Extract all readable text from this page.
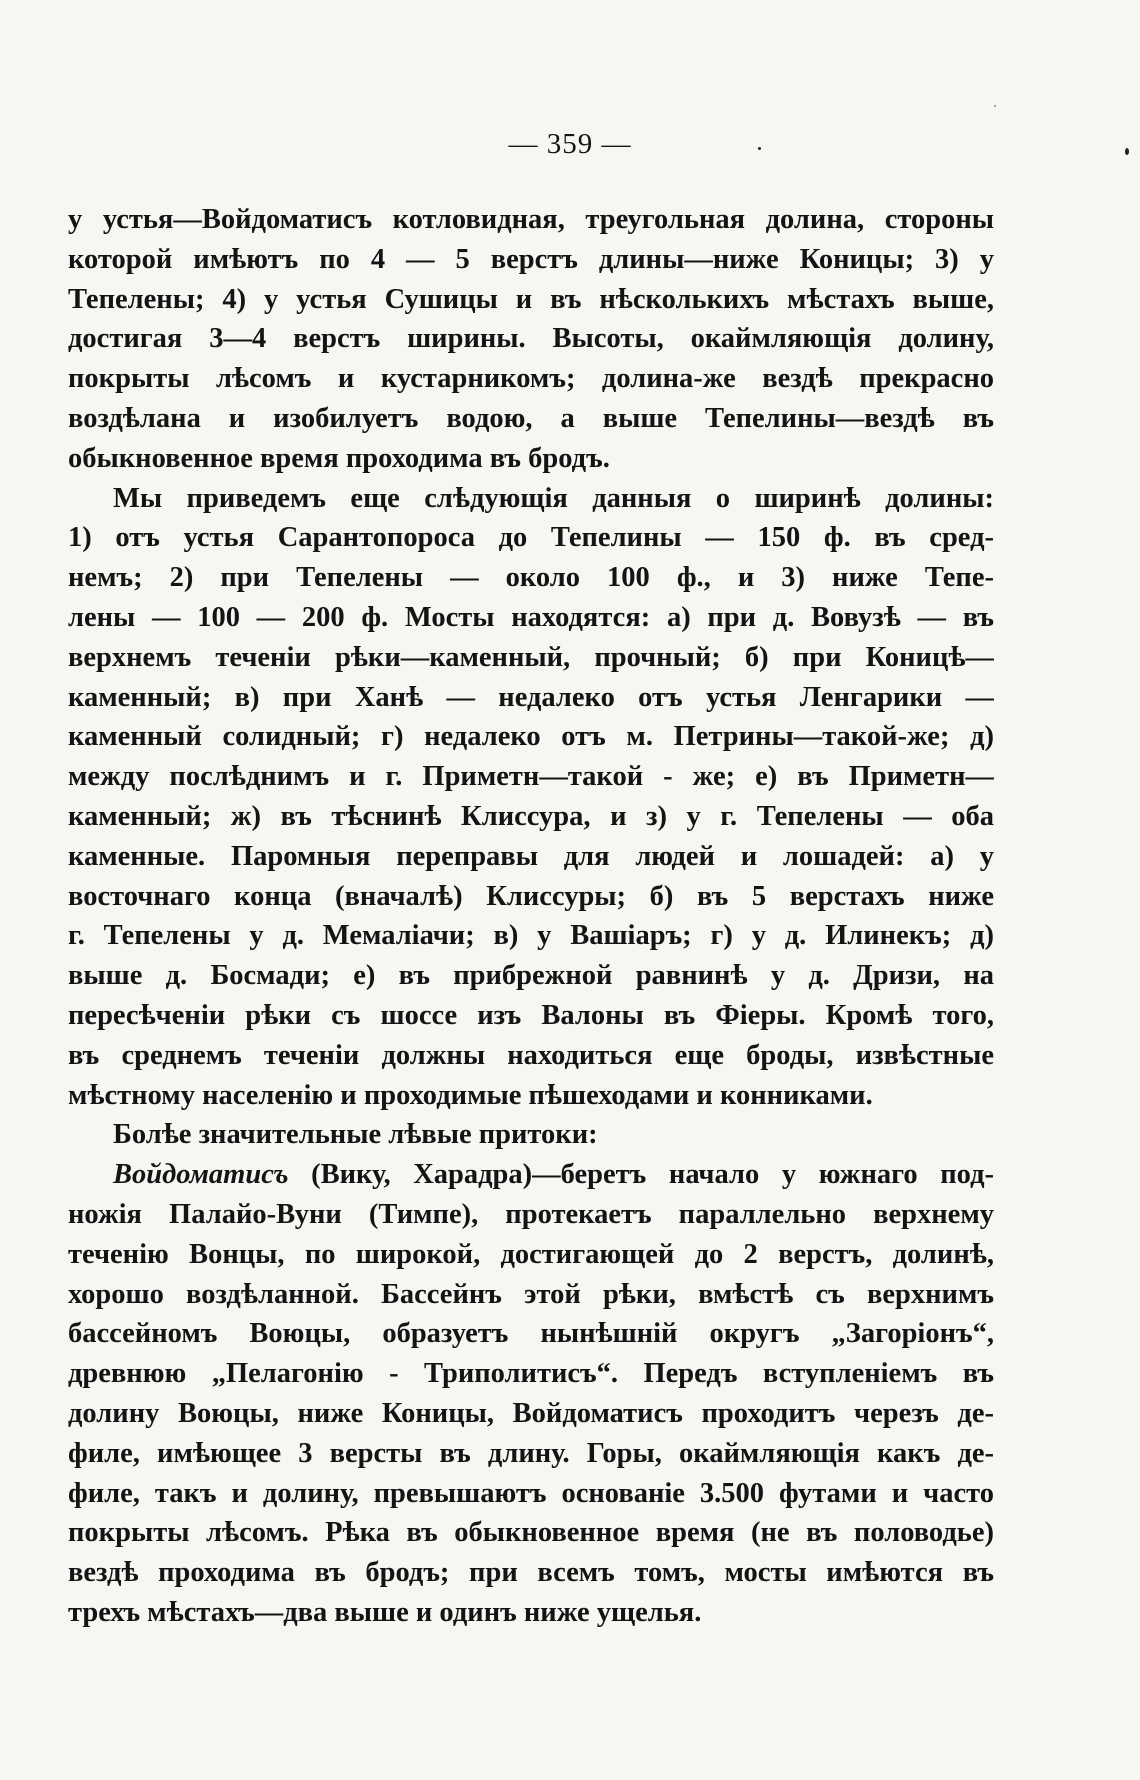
— 359 —
у устья—Войдоматисъ котловидная, треугольная долина, стороны
которой имѣютъ по 4 — 5 верстъ длины—ниже Коницы; 3) у
Тепелены; 4) у устья Сушицы и въ нѣсколькихъ мѣстахъ выше,
достигая 3—4 верстъ ширины. Высоты, окаймляющія долину,
покрыты лѣсомъ и кустарникомъ; долина-же вездѣ прекрасно
воздѣлана и изобилуетъ водою, а выше Тепелины—вездѣ въ
обыкновенное время проходима въ бродъ.
Мы приведемъ еще слѣдующія данныя о ширинѣ долины:
1) отъ устья Сарантопороса до Тепелины — 150 ф. въ сред-
немъ; 2) при Тепелены — около 100 ф., и 3) ниже Тепе-
лены — 100 — 200 ф. Мосты находятся: а) при д. Вовузѣ — въ
верхнемъ теченіи рѣки—каменный, прочный; б) при Коницѣ—
каменный; в) при Ханѣ — недалеко отъ устья Ленгарики —
каменный солидный; г) недалеко отъ м. Петрины—такой-же; д)
между послѣднимъ и г. Приметн—такой - же; е) въ Приметн—
каменный; ж) въ тѣснинѣ Клиссура, и з) у г. Тепелены — оба
каменные. Паромныя переправы для людей и лошадей: а) у
восточнаго конца (вначалѣ) Клиссуры; б) въ 5 верстахъ ниже
г. Тепелены у д. Мемаліачи; в) у Вашіаръ; г) у д. Илинекъ; д)
выше д. Босмади; е) въ прибрежной равнинѣ у д. Дризи, на
пересѣченіи рѣки съ шоссе изъ Валоны въ Фіеры. Кромѣ того,
въ среднемъ теченіи должны находиться еще броды, извѣстные
мѣстному населенію и проходимые пѣшеходами и конниками.
Болѣе значительные лѣвые притоки:
Войдоматисъ (Вику, Харадра)—беретъ начало у южнаго под-
ножія Палайо-Вуни (Тимпе), протекаетъ параллельно верхнему
теченію Вонцы, по широкой, достигающей до 2 верстъ, долинѣ,
хорошо воздѣланной. Бассейнъ этой рѣки, вмѣстѣ съ верхнимъ
бассейномъ Воюцы, образуетъ нынѣшній округъ „Загоріонъ“,
древнюю „Пелагонію - Триполитисъ“. Передъ вступленіемъ въ
долину Воюцы, ниже Коницы, Войдоматисъ проходитъ черезъ де-
филе, имѣющее 3 версты въ длину. Горы, окаймляющія какъ де-
филе, такъ и долину, превышаютъ основаніе 3.500 футами и часто
покрыты лѣсомъ. Рѣка въ обыкновенное время (не въ половодье)
вездѣ проходима въ бродъ; при всемъ томъ, мосты имѣются въ
трехъ мѣстахъ—два выше и одинъ ниже ущелья.
